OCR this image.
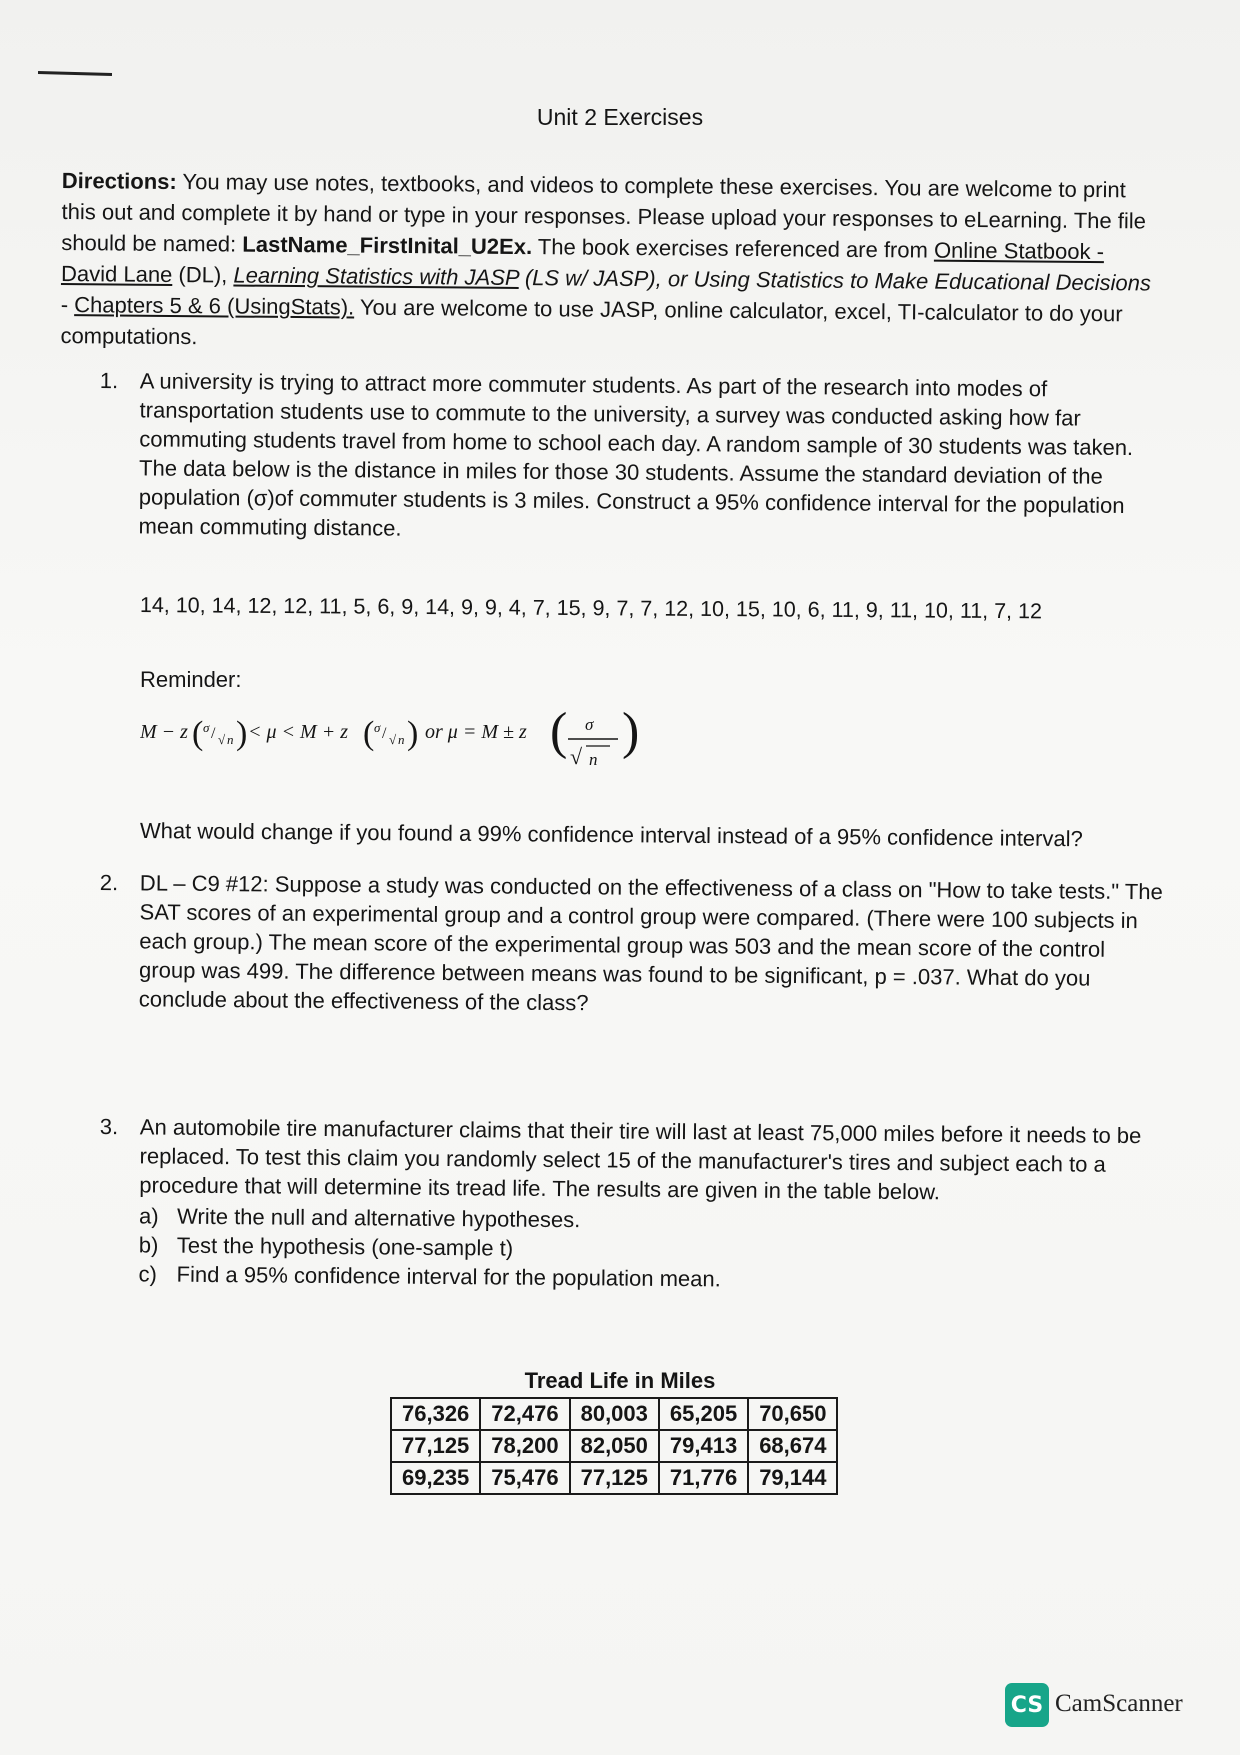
Unit 2 Exercises
Directions: You may use notes, textbooks, and videos to complete these exercises. You are welcome to print this out and complete it by hand or type in your responses. Please upload your responses to eLearning. The file should be named: LastName_FirstInital_U2Ex. The book exercises referenced are from Online Statbook - David Lane (DL), Learning Statistics with JASP (LS w/ JASP), or Using Statistics to Make Educational Decisions - Chapters 5 & 6 (UsingStats). You are welcome to use JASP, online calculator, excel, TI-calculator to do your computations.
1. A university is trying to attract more commuter students. As part of the research into modes of transportation students use to commute to the university, a survey was conducted asking how far commuting students travel from home to school each day. A random sample of 30 students was taken. The data below is the distance in miles for those 30 students. Assume the standard deviation of the population (σ)of commuter students is 3 miles. Construct a 95% confidence interval for the population mean commuting distance.
14, 10, 14, 12, 12, 11, 5, 6, 9, 14, 9, 9, 4, 7, 15, 9, 7, 7, 12, 10, 15, 10, 6, 11, 9, 11, 10, 11, 7, 12
Reminder:
M − z ( σ / √ n ) < μ < M + z ( σ / √ n ) or μ = M ± z ( σ
√ n )
What would change if you found a 99% confidence interval instead of a 95% confidence interval?
2. DL – C9 #12: Suppose a study was conducted on the effectiveness of a class on "How to take tests." The SAT scores of an experimental group and a control group were compared. (There were 100 subjects in each group.) The mean score of the experimental group was 503 and the mean score of the control group was 499. The difference between means was found to be significant, p = .037. What do you conclude about the effectiveness of the class?
3. An automobile tire manufacturer claims that their tire will last at least 75,000 miles before it needs to be replaced. To test this claim you randomly select 15 of the manufacturer's tires and subject each to a procedure that will determine its tread life. The results are given in the table below.
a) Write the null and alternative hypotheses.
b) Test the hypothesis (one-sample t)
c) Find a 95% confidence interval for the population mean.
Tread Life in Miles
76,326	72,476	80,003	65,205	70,650
77,125	78,200	82,050	79,413	68,674
69,235	75,476	77,125	71,776	79,144
CS CamScanner
